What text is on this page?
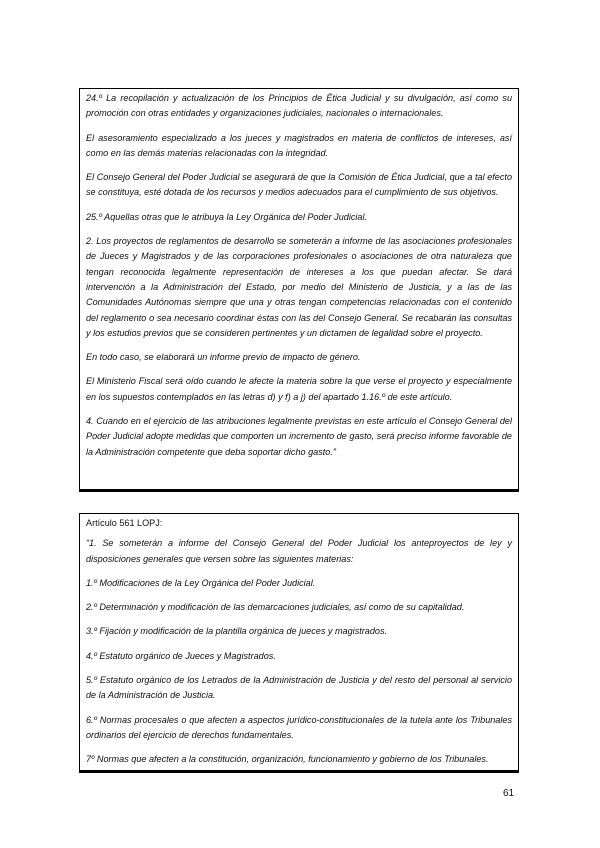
24.º La recopilación y actualización de los Principios de Ética Judicial y su divulgación, así como su promoción con otras entidades y organizaciones judiciales, nacionales o internacionales.

El asesoramiento especializado a los jueces y magistrados en materia de conflictos de intereses, así como en las demás materias relacionadas con la integridad.

El Consejo General del Poder Judicial se asegurará de que la Comisión de Ética Judicial, que a tal efecto se constituya, esté dotada de los recursos y medios adecuados para el cumplimiento de sus objetivos.

25.º Aquellas otras que le atribuya la Ley Orgánica del Poder Judicial.

2. Los proyectos de reglamentos de desarrollo se someterán a informe de las asociaciones profesionales de Jueces y Magistrados y de las corporaciones profesionales o asociaciones de otra naturaleza que tengan reconocida legalmente representación de intereses a los que puedan afectar. Se dará intervención a la Administración del Estado, por medio del Ministerio de Justicia, y a las de las Comunidades Autónomas siempre que una y otras tengan competencias relacionadas con el contenido del reglamento o sea necesario coordinar éstas con las del Consejo General. Se recabarán las consultas y los estudios previos que se consideren pertinentes y un dictamen de legalidad sobre el proyecto.

En todo caso, se elaborará un informe previo de impacto de género.

El Ministerio Fiscal será oído cuando le afecte la materia sobre la que verse el proyecto y especialmente en los supuestos contemplados en las letras d) y f) a j) del apartado 1.16.º de este artículo.

4. Cuando en el ejercicio de las atribuciones legalmente previstas en este artículo el Consejo General del Poder Judicial adopte medidas que comporten un incremento de gasto, será preciso informe favorable de la Administración competente que deba soportar dicho gasto.”

Artículo 561 LOPJ:

“1. Se someterán a informe del Consejo General del Poder Judicial los anteproyectos de ley y disposiciones generales que versen sobre las siguientes materias:

1.º Modificaciones de la Ley Orgánica del Poder Judicial.

2.º Determinación y modificación de las demarcaciones judiciales, así como de su capitalidad.

3.º Fijación y modificación de la plantilla orgánica de jueces y magistrados.

4.º Estatuto orgánico de Jueces y Magistrados.

5.º Estatuto orgánico de los Letrados de la Administración de Justicia y del resto del personal al servicio de la Administración de Justicia.

6.º Normas procesales o que afecten a aspectos jurídico-constitucionales de la tutela ante los Tribunales ordinarios del ejercicio de derechos fundamentales.

7º Normas que afecten a la constitución, organización, funcionamiento y gobierno de los Tribunales.

61
